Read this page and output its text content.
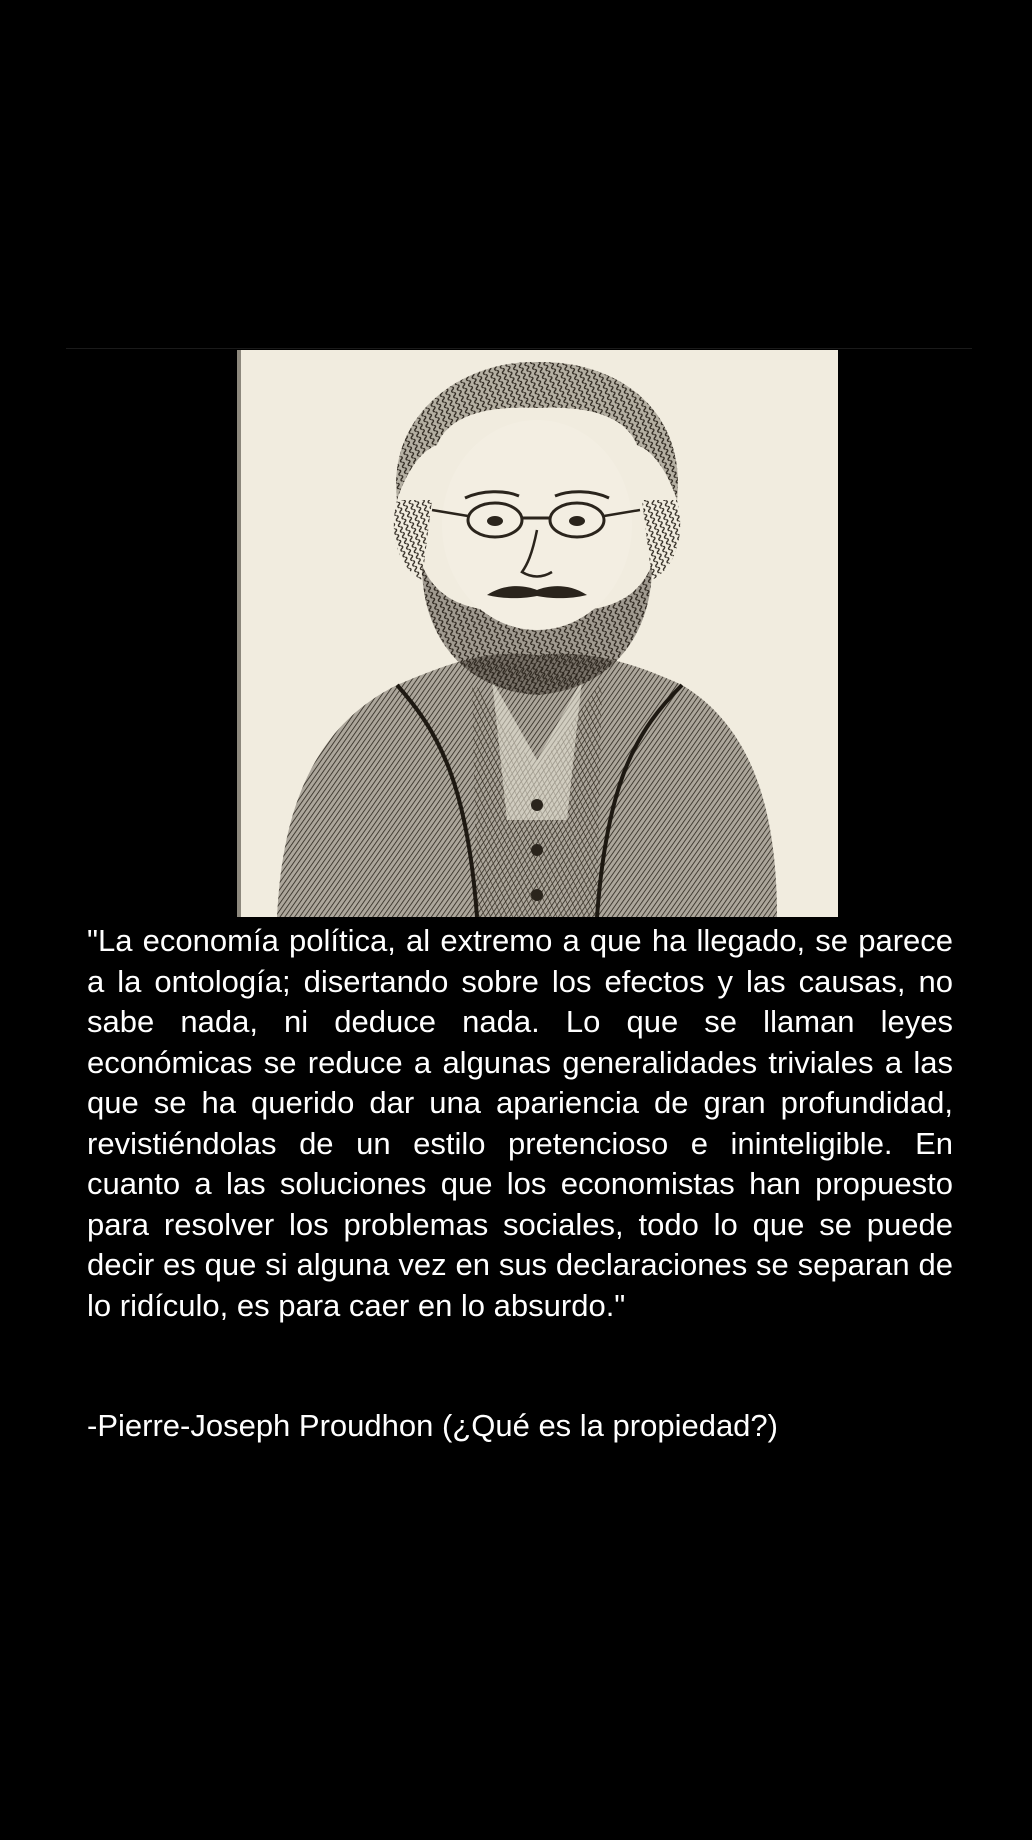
"La economía política, al extremo a que ha llegado, se parece a la ontología; disertando sobre los efectos y las causas, no sabe nada, ni deduce nada. Lo que se llaman leyes económicas se reduce a algunas generalidades triviales a las que se ha querido dar una apariencia de gran profundidad, revistiéndolas de un estilo pretencioso e ininteligible. En cuanto a las soluciones que los economistas han propuesto para resolver los problemas sociales, todo lo que se puede decir es que si alguna vez en sus declaraciones se separan de lo ridículo, es para caer en lo absurdo."

-Pierre-Joseph Proudhon (¿Qué es la propiedad?)
